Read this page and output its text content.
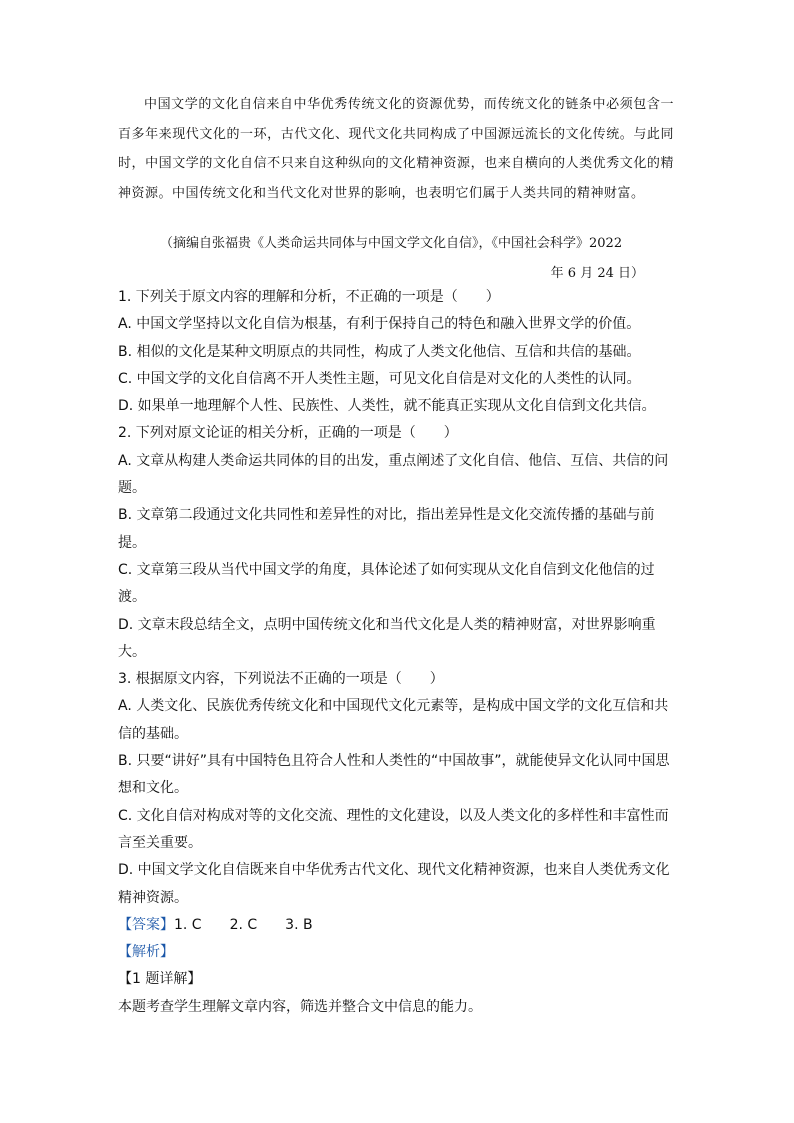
中国文学的文化自信来自中华优秀传统文化的资源优势，而传统文化的链条中必须包含一百多年来现代文化的一环，古代文化、现代文化共同构成了中国源远流长的文化传统。与此同时，中国文学的文化自信不只来自这种纵向的文化精神资源，也来自横向的人类优秀文化的精神资源。中国传统文化和当代文化对世界的影响，也表明它们属于人类共同的精神财富。

（摘编自张福贵《人类命运共同体与中国文学文化自信》，《中国社会科学》2022
年 6 月 24 日）
1. 下列关于原文内容的理解和分析，不正确的一项是（　　）
A. 中国文学坚持以文化自信为根基，有利于保持自己的特色和融入世界文学的价值。
B. 相似的文化是某种文明原点的共同性，构成了人类文化他信、互信和共信的基础。
C. 中国文学的文化自信离不开人类性主题，可见文化自信是对文化的人类性的认同。
D. 如果单一地理解个人性、民族性、人类性，就不能真正实现从文化自信到文化共信。
2. 下列对原文论证的相关分析，正确的一项是（　　）
A. 文章从构建人类命运共同体的目的出发，重点阐述了文化自信、他信、互信、共信的问题。
B. 文章第二段通过文化共同性和差异性的对比，指出差异性是文化交流传播的基础与前提。
C. 文章第三段从当代中国文学的角度，具体论述了如何实现从文化自信到文化他信的过渡。
D. 文章末段总结全文，点明中国传统文化和当代文化是人类的精神财富，对世界影响重大。
3. 根据原文内容，下列说法不正确的一项是（　　）
A. 人类文化、民族优秀传统文化和中国现代文化元素等，是构成中国文学的文化互信和共信的基础。
B. 只要“讲好”具有中国特色且符合人性和人类性的“中国故事”，就能使异文化认同中国思想和文化。
C. 文化自信对构成对等的文化交流、理性的文化建设，以及人类文化的多样性和丰富性而言至关重要。
D. 中国文学文化自信既来自中华优秀古代文化、现代文化精神资源，也来自人类优秀文化精神资源。
【答案】1. C　　2. C　　3. B
【解析】
【1 题详解】
本题考查学生理解文章内容，筛选并整合文中信息的能力。
